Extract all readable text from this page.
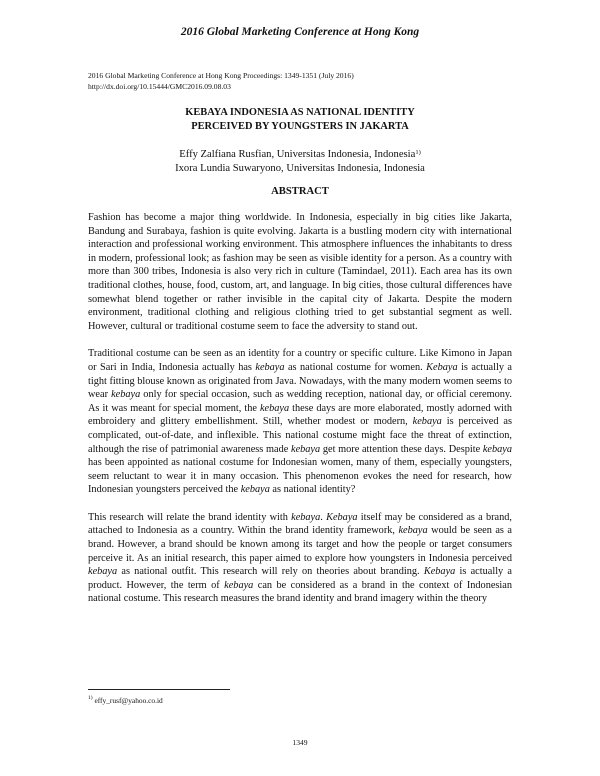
2016 Global Marketing Conference at Hong Kong
2016 Global Marketing Conference at Hong Kong Proceedings: 1349-1351 (July 2016)
http://dx.doi.org/10.15444/GMC2016.09.08.03
KEBAYA INDONESIA AS NATIONAL IDENTITY
PERCEIVED BY YOUNGSTERS IN JAKARTA
Effy Zalfiana Rusfian, Universitas Indonesia, Indonesia$^{1)}$
Ixora Lundia Suwaryono, Universitas Indonesia, Indonesia
ABSTRACT

Fashion has become a major thing worldwide. In Indonesia, especially in big cities like Jakarta, Bandung and Surabaya, fashion is quite evolving. Jakarta is a bustling modern city with international interaction and professional working environment. This atmosphere influences the inhabitants to dress in modern, professional look; as fashion may be seen as visible identity for a person. As a country with more than 300 tribes, Indonesia is also very rich in culture (Tamindael, 2011). Each area has its own traditional clothes, house, food, custom, art, and language. In big cities, those cultural differences have somewhat blend together or rather invisible in the capital city of Jakarta. Despite the modern environment, traditional clothing and religious clothing tried to get substantial segment as well. However, cultural or traditional costume seem to face the adversity to stand out.

Traditional costume can be seen as an identity for a country or specific culture. Like Kimono in Japan or Sari in India, Indonesia actually has kebaya as national costume for women. Kebaya is actually a tight fitting blouse known as originated from Java. Nowadays, with the many modern women seems to wear kebaya only for special occasion, such as wedding reception, national day, or official ceremony. As it was meant for special moment, the kebaya these days are more elaborated, mostly adorned with embroidery and glittery embellishment. Still, whether modest or modern, kebaya is perceived as complicated, out-of-date, and inflexible. This national costume might face the threat of extinction, although the rise of patrimonial awareness made kebaya get more attention these days. Despite kebaya has been appointed as national costume for Indonesian women, many of them, especially youngsters, seem reluctant to wear it in many occasion. This phenomenon evokes the need for research, how Indonesian youngsters perceived the kebaya as national identity?

This research will relate the brand identity with kebaya. Kebaya itself may be considered as a brand, attached to Indonesia as a country. Within the brand identity framework, kebaya would be seen as a brand. However, a brand should be known among its target and how the people or target consumers perceive it. As an initial research, this paper aimed to explore how youngsters in Indonesia perceived kebaya as national outfit. This research will rely on theories about branding. Kebaya is actually a product. However, the term of kebaya can be considered as a brand in the context of Indonesian national costume. This research measures the brand identity and brand imagery within the theory

$^{1)}$ effy_rusf@yahoo.co.id
1349
